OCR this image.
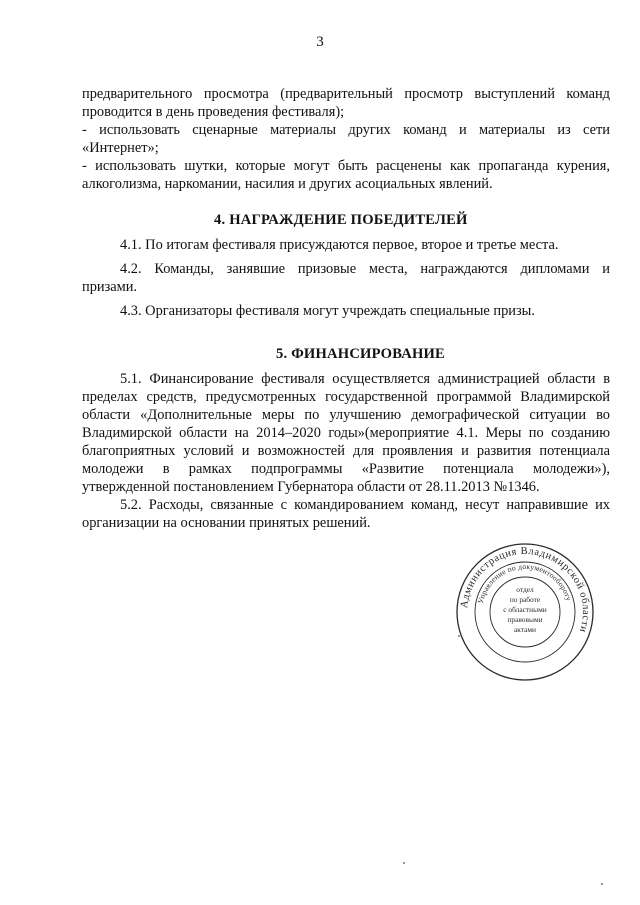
3
предварительного просмотра (предварительный просмотр выступлений команд
проводится в день проведения фестиваля);
- использовать сценарные материалы других команд и материалы из сети
«Интернет»;
- использовать шутки, которые могут быть расценены как пропаганда курения,
алкоголизма, наркомании, насилия и других асоциальных явлений.
4. НАГРАЖДЕНИЕ ПОБЕДИТЕЛЕЙ
4.1. По итогам фестиваля присуждаются первое, второе и третье места.
4.2. Команды, занявшие призовые места, награждаются дипломами и
призами.
4.3. Организаторы фестиваля могут учреждать специальные призы.
5. ФИНАНСИРОВАНИЕ
5.1. Финансирование фестиваля осуществляется администрацией области в
пределах средств, предусмотренных государственной программой Владимирской
области «Дополнительные меры по улучшению демографической ситуации во
Владимирской области на 2014–2020 годы»(мероприятие 4.1. Меры по созданию
благоприятных условий и возможностей для проявления и развития потенциала
молодежи в рамках подпрограммы «Развитие потенциала молодежи»),
утвержденной постановлением Губернатора области от 28.11.2013 №1346.
5.2. Расходы, связанные с командированием команд, несут направившие их
организации на основании принятых решений.
Администрация Владимирской области
Управление по документообороту
отдел
по работе
с областными
правовыми
актами
